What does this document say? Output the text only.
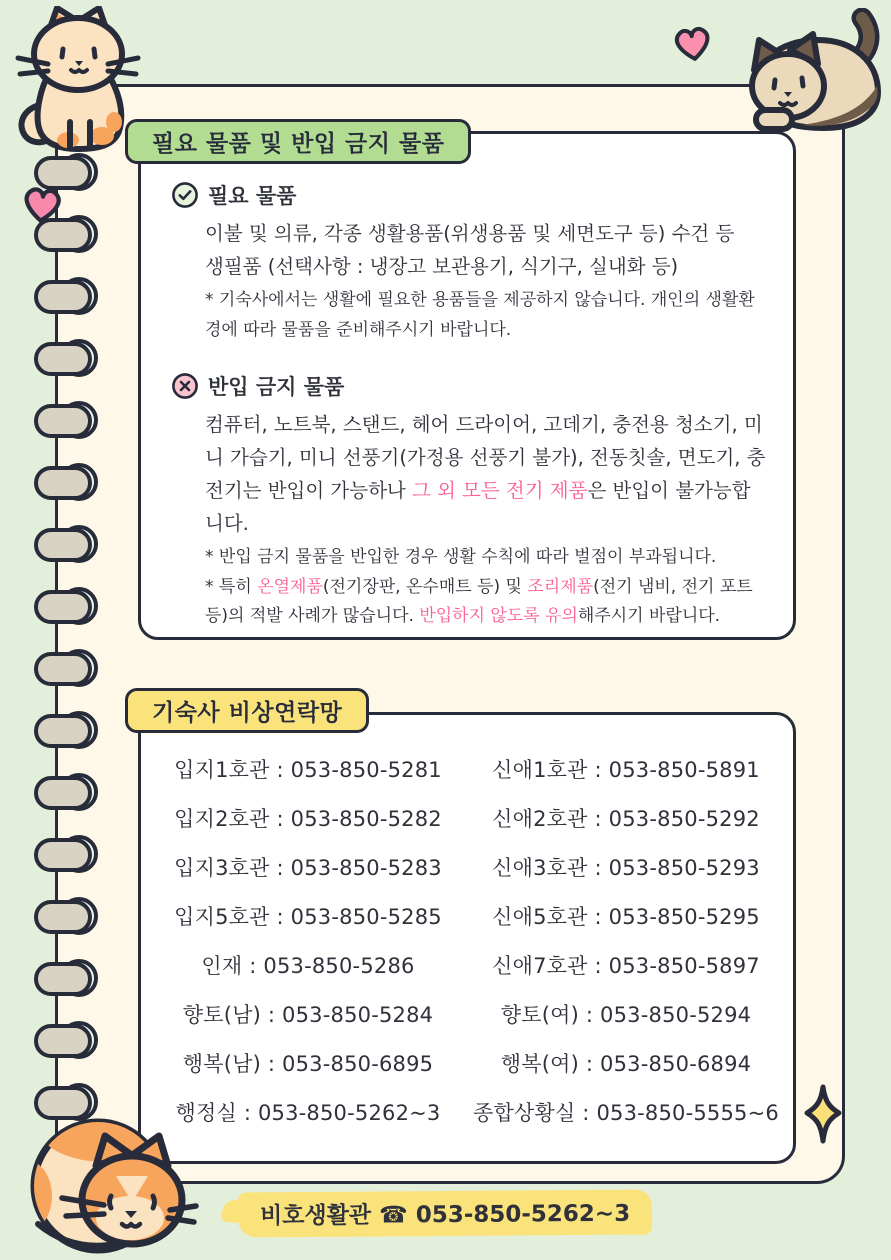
필요 물품 및 반입 금지 물품
필요 물품
이불 및 의류, 각종 생활용품(위생용품 및 세면도구 등) 수건 등
생필품 (선택사항 : 냉장고 보관용기, 식기구, 실내화 등)
* 기숙사에서는 생활에 필요한 용품들을 제공하지 않습니다. 개인의 생활환경에 따라 물품을 준비해주시기 바랍니다.
반입 금지 물품
컴퓨터, 노트북, 스탠드, 헤어 드라이어, 고데기, 충전용 청소기, 미니 가습기, 미니 선풍기(가정용 선풍기 불가), 전동칫솔, 면도기, 충전기는 반입이 가능하나 그 외 모든 전기 제품은 반입이 불가능합니다.
* 반입 금지 물품을 반입한 경우 생활 수칙에 따라 벌점이 부과됩니다.
* 특히 온열제품(전기장판, 온수매트 등) 및 조리제품(전기 냄비, 전기 포트 등)의 적발 사례가 많습니다. 반입하지 않도록 유의해주시기 바랍니다.
기숙사 비상연락망
입지1호관 : 053-850-5281	신애1호관 : 053-850-5891
입지2호관 : 053-850-5282	신애2호관 : 053-850-5292
입지3호관 : 053-850-5283	신애3호관 : 053-850-5293
입지5호관 : 053-850-5285	신애5호관 : 053-850-5295
인재 : 053-850-5286	신애7호관 : 053-850-5897
향토(남) : 053-850-5284	향토(여) : 053-850-5294
행복(남) : 053-850-6895	행복(여) : 053-850-6894
행정실 : 053-850-5262~3	종합상황실 : 053-850-5555~6
비호생활관 ☎ 053-850-5262~3
